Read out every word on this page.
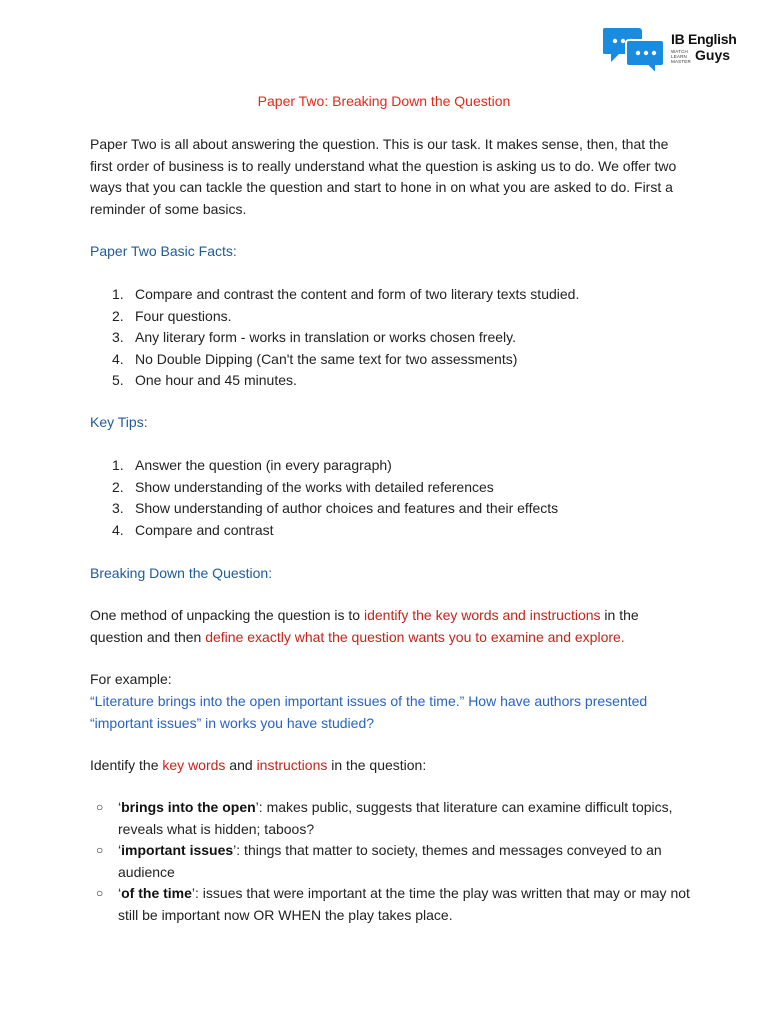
IB English
WATCH LEARN MASTER Guys
Paper Two: Breaking Down the Question

Paper Two is all about answering the question. This is our task. It makes sense, then, that the first order of business is to really understand what the question is asking us to do. We offer two ways that you can tackle the question and start to hone in on what you are asked to do. First a reminder of some basics.

Paper Two Basic Facts:
1. Compare and contrast the content and form of two literary texts studied.
2. Four questions.
3. Any literary form - works in translation or works chosen freely.
4. No Double Dipping (Can't the same text for two assessments)
5. One hour and 45 minutes.
Key Tips:
1. Answer the question (in every paragraph)
2. Show understanding of the works with detailed references
3. Show understanding of author choices and features and their effects
4. Compare and contrast
Breaking Down the Question:

One method of unpacking the question is to identify the key words and instructions in the question and then define exactly what the question wants you to examine and explore.

For example:

“Literature brings into the open important issues of the time.” How have authors presented “important issues” in works you have studied?

Identify the key words and instructions in the question:

○ ‘brings into the open’: makes public, suggests that literature can examine difficult topics, reveals what is hidden; taboos?
○ ‘important issues’: things that matter to society, themes and messages conveyed to an audience
○ ‘of the time’: issues that were important at the time the play was written that may or may not still be important now OR WHEN the play takes place.
